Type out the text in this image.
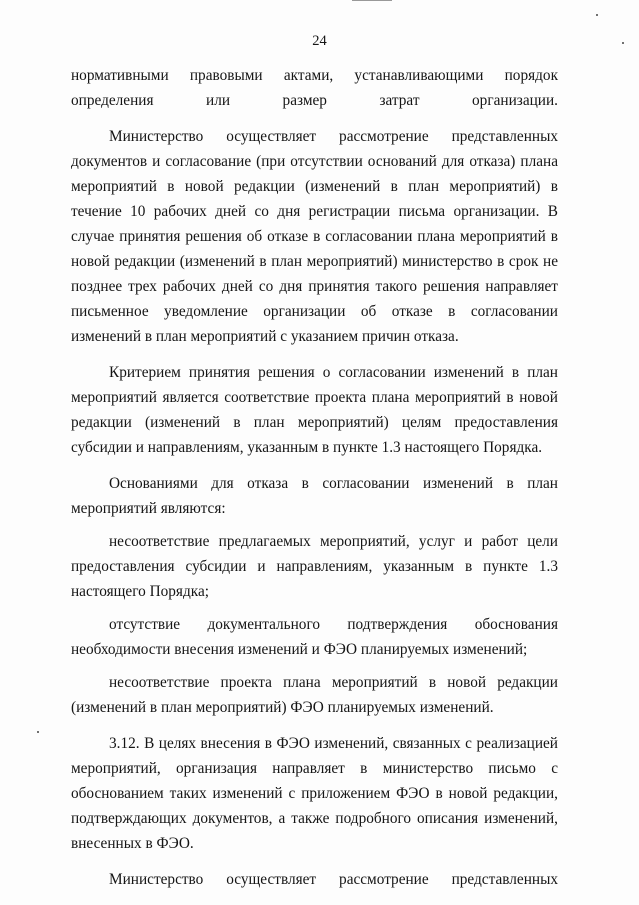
24

нормативными правовыми актами, устанавливающими порядок определения или размер затрат организации.

Министерство осуществляет рассмотрение представленных документов и согласование (при отсутствии оснований для отказа) плана мероприятий в новой редакции (изменений в план мероприятий) в течение 10 рабочих дней со дня регистрации письма организации. В случае принятия решения об отказе в согласовании плана мероприятий в новой редакции (изменений в план мероприятий) министерство в срок не позднее трех рабочих дней со дня принятия такого решения направляет письменное уведомление организации об отказе в согласовании изменений в план мероприятий с указанием причин отказа.

Критерием принятия решения о согласовании изменений в план мероприятий является соответствие проекта плана мероприятий в новой редакции (изменений в план мероприятий) целям предоставления субсидии и направлениям, указанным в пункте 1.3 настоящего Порядка.

Основаниями для отказа в согласовании изменений в план мероприятий являются:

несоответствие предлагаемых мероприятий, услуг и работ цели предоставления субсидии и направлениям, указанным в пункте 1.3 настоящего Порядка;

отсутствие документального подтверждения обоснования необходимости внесения изменений и ФЭО планируемых изменений;

несоответствие проекта плана мероприятий в новой редакции (изменений в план мероприятий) ФЭО планируемых изменений.

3.12. В целях внесения в ФЭО изменений, связанных с реализацией мероприятий, организация направляет в министерство письмо с обоснованием таких изменений с приложением ФЭО в новой редакции, подтверждающих документов, а также подробного описания изменений, внесенных в ФЭО.

Министерство осуществляет рассмотрение представленных
